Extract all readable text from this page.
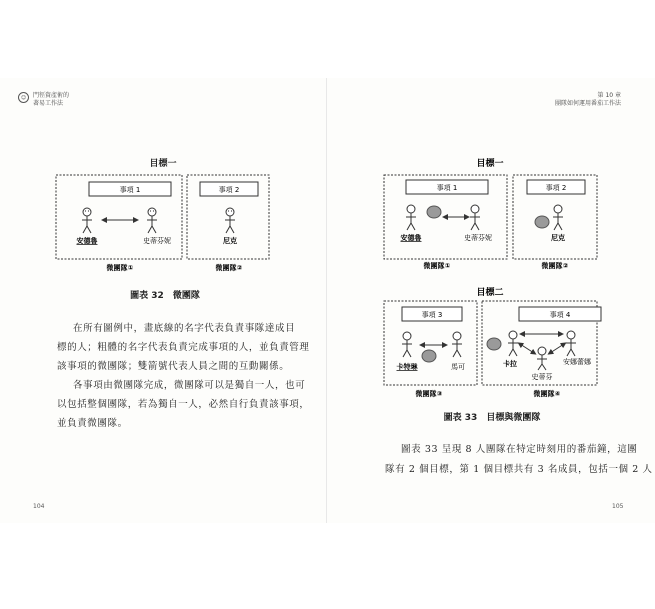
☺ 門徑資產術的
著易工作法
第 10 章
團隊如何運用番茄工作法
目標一
事項 1
安德魯	史蒂芬妮
事項 2
尼克
微團隊①	微團隊②
圖表 32　微團隊
在所有圖例中，畫底線的名字代表負責事隊達成目
標的人；粗體的名字代表負責完成事項的人，並負責管理
該事項的微團隊；雙箭號代表人員之間的互動關係。
各事項由微團隊完成，微團隊可以是獨自一人，也可
以包括整個團隊，若為獨自一人，必然自行負責該事項，
並負責微團隊。
104
目標一
事項 1
安德魯	史蒂芬妮
事項 2
尼克
微團隊①	微團隊②
目標二
事項 3
卡特琳	馬可
事項 4
卡拉	安娜蕾娜
史蒂芬
微團隊③	微團隊④
圖表 33　目標與微團隊
圖表 33 呈現 8 人團隊在特定時刻用的番茄鐘，這團
隊有 2 個目標，第 1 個目標共有 3 名成員，包括一個 2 人
105
